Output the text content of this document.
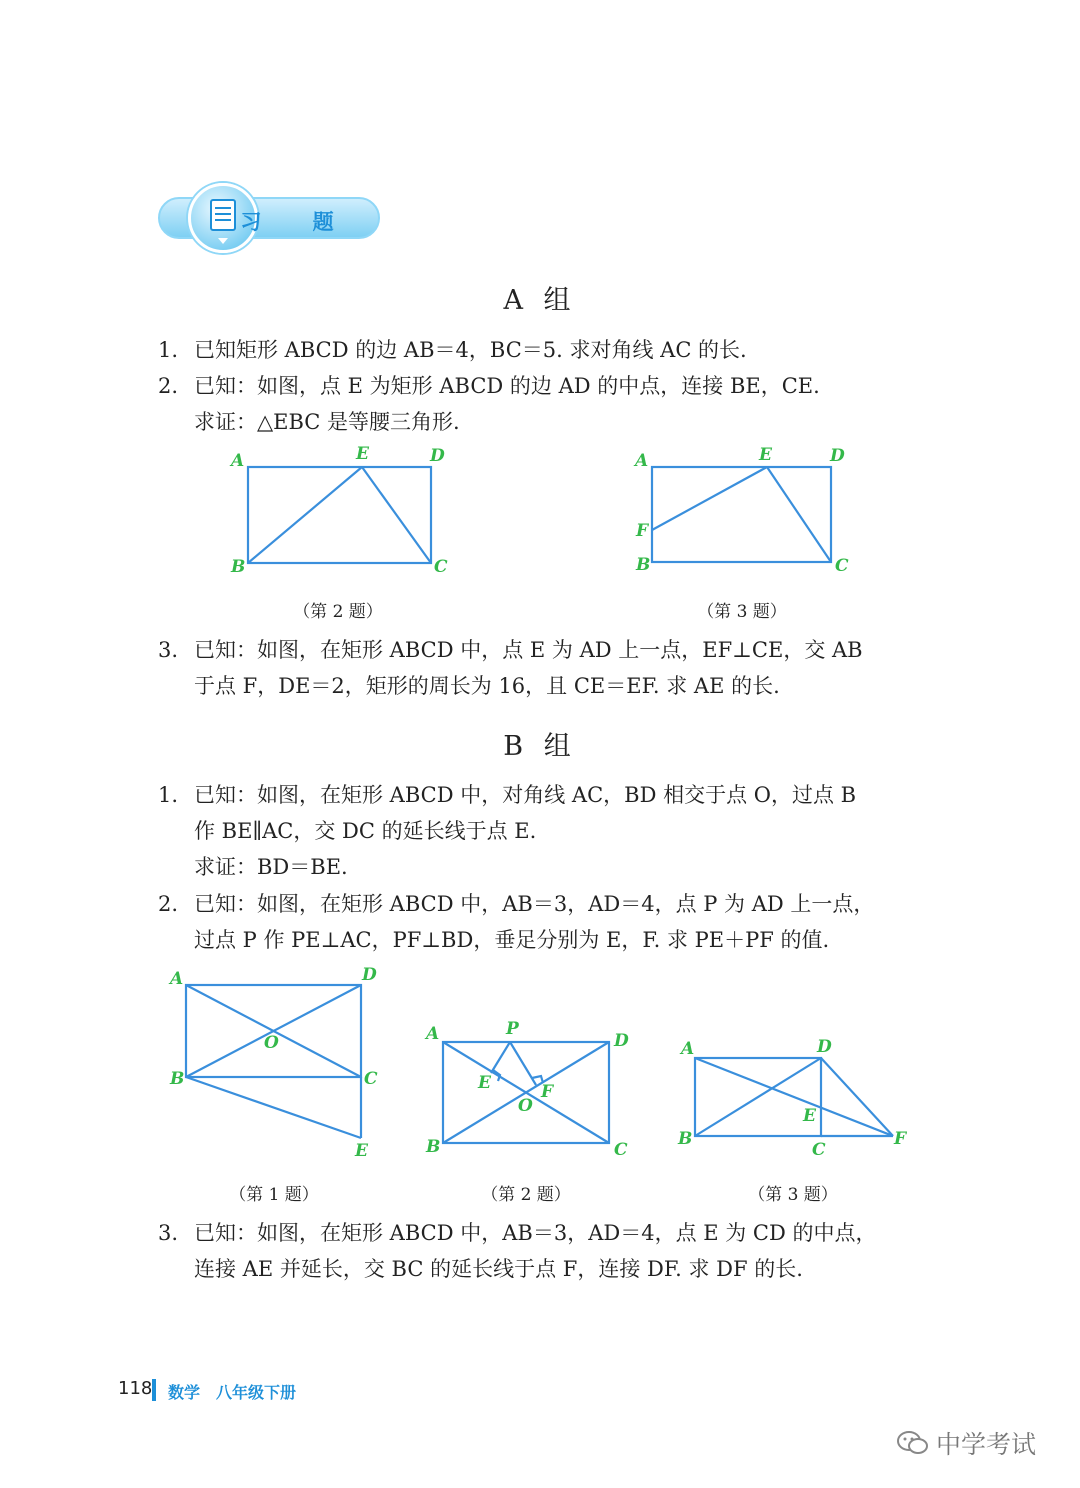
习 题
A 组
1. 已知矩形 ABCD 的边 AB＝4，BC＝5. 求对角线 AC 的长.
2. 已知：如图，点 E 为矩形 ABCD 的边 AD 的中点，连接 BE，CE.
求证：△EBC 是等腰三角形.
A	E	D
B	C
（第 2 题）
A	E	D
F
B	C
（第 3 题）
3. 已知：如图，在矩形 ABCD 中，点 E 为 AD 上一点，EF⊥CE，交 AB
于点 F，DE＝2，矩形的周长为 16，且 CE＝EF. 求 AE 的长.
B 组
1. 已知：如图，在矩形 ABCD 中，对角线 AC，BD 相交于点 O，过点 B
作 BE∥AC，交 DC 的延长线于点 E.
求证：BD＝BE.
2. 已知：如图，在矩形 ABCD 中，AB＝3，AD＝4，点 P 为 AD 上一点，
过点 P 作 PE⊥AC，PF⊥BD，垂足分别为 E，F. 求 PE＋PF 的值.
A	D
O
B	C
E
（第 1 题）
A	P
D
E	F
O
B	C
（第 2 题）
A	D
E
B
C
F
（第 3 题）
3. 已知：如图，在矩形 ABCD 中，AB＝3，AD＝4，点 E 为 CD 的中点，
连接 AE 并延长，交 BC 的延长线于点 F，连接 DF. 求 DF 的长.
118 数学　八年级下册
中学考试
